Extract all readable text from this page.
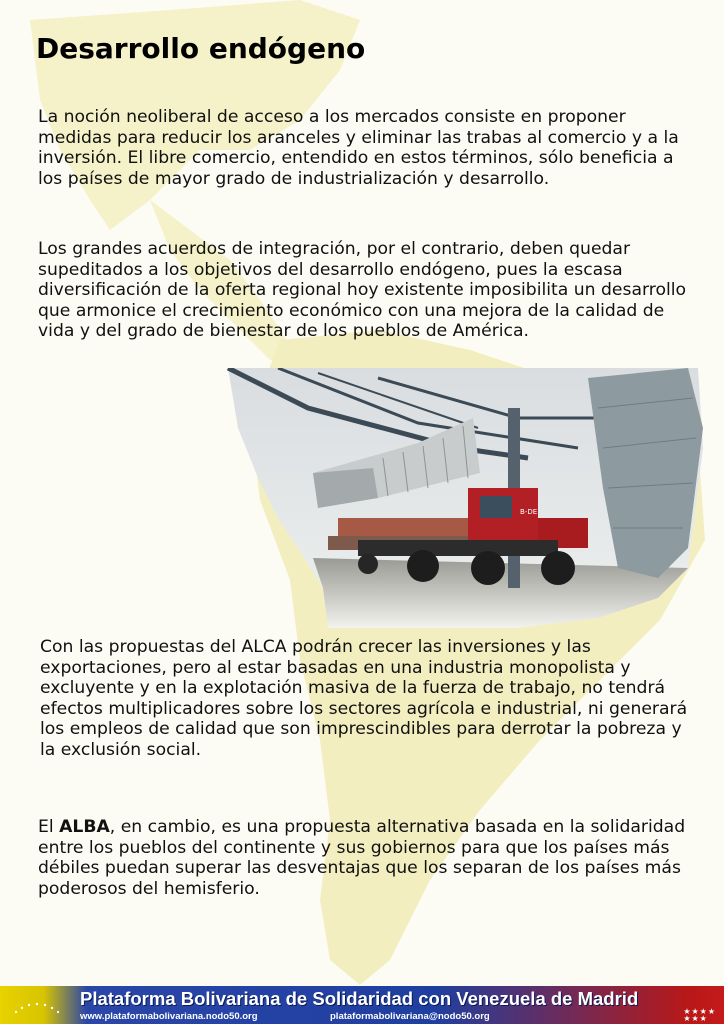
Desarrollo endógeno

La noción neoliberal de acceso a los mercados consiste en proponer medidas para reducir los aranceles y eliminar las trabas al comercio y a la inversión. El libre comercio, entendido en estos términos, sólo beneficia a los países de mayor grado de industrialización y desarrollo.

Los grandes acuerdos de integración, por el contrario, deben quedar supeditados a los objetivos del desarrollo endógeno, pues la escasa diversificación de la oferta regional hoy existente imposibilita un desarrollo que armonice el crecimiento económico con una mejora de la calidad de vida y del grado de bienestar de los pueblos de América.

B-DE

Con las propuestas del ALCA podrán crecer las inversiones y las exportaciones, pero al estar basadas en una industria monopolista y excluyente y en la explotación masiva de la fuerza de trabajo, no tendrá efectos multiplicadores sobre los sectores agrícola e industrial, ni generará los empleos de calidad que son imprescindibles para derrotar la pobreza y la exclusión social.

El ALBA, en cambio, es una propuesta alternativa basada en la solidaridad entre los pueblos del continente y sus gobiernos para que los países más débiles puedan superar las desventajas que los separan de los países más poderosos del hemisferio.

Plataforma Bolivariana de Solidaridad con Venezuela de Madrid
www.plataformabolivariana.nodo50.org	plataformabolivariana@nodo50.org	★★★★
★★★
